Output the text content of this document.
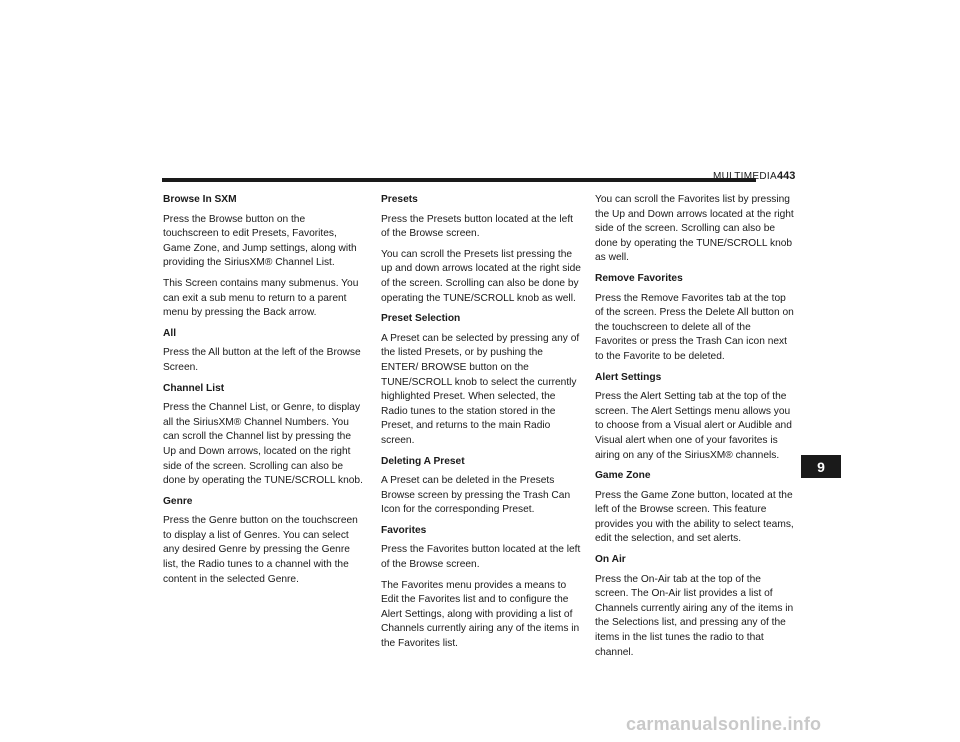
MULTIMEDIA 443
Browse In SXM

Press the Browse button on the touchscreen to edit Presets, Favorites, Game Zone, and Jump settings, along with providing the SiriusXM® Channel List.

This Screen contains many submenus. You can exit a sub menu to return to a parent menu by pressing the Back arrow.

All

Press the All button at the left of the Browse Screen.

Channel List

Press the Channel List, or Genre, to display all the SiriusXM® Channel Numbers. You can scroll the Channel list by pressing the Up and Down arrows, located on the right side of the screen. Scrolling can also be done by operating the TUNE/SCROLL knob.

Genre

Press the Genre button on the touchscreen to display a list of Genres. You can select any desired Genre by pressing the Genre list, the Radio tunes to a channel with the content in the selected Genre.

Presets

Press the Presets button located at the left of the Browse screen.

You can scroll the Presets list pressing the up and down arrows located at the right side of the screen. Scrolling can also be done by operating the TUNE/SCROLL knob as well.

Preset Selection

A Preset can be selected by pressing any of the listed Presets, or by pushing the ENTER/ BROWSE button on the TUNE/SCROLL knob to select the currently highlighted Preset. When selected, the Radio tunes to the station stored in the Preset, and returns to the main Radio screen.

Deleting A Preset

A Preset can be deleted in the Presets Browse screen by pressing the Trash Can Icon for the corresponding Preset.

Favorites

Press the Favorites button located at the left of the Browse screen.

The Favorites menu provides a means to Edit the Favorites list and to configure the Alert Settings, along with providing a list of Channels currently airing any of the items in the Favorites list.

You can scroll the Favorites list by pressing the Up and Down arrows located at the right side of the screen. Scrolling can also be done by operating the TUNE/SCROLL knob as well.

Remove Favorites

Press the Remove Favorites tab at the top of the screen. Press the Delete All button on the touchscreen to delete all of the Favorites or press the Trash Can icon next to the Favorite to be deleted.

Alert Settings

Press the Alert Setting tab at the top of the screen. The Alert Settings menu allows you to choose from a Visual alert or Audible and Visual alert when one of your favorites is airing on any of the SiriusXM® channels.

Game Zone

Press the Game Zone button, located at the left of the Browse screen. This feature provides you with the ability to select teams, edit the selection, and set alerts.

On Air

Press the On-Air tab at the top of the screen. The On-Air list provides a list of Channels currently airing any of the items in the Selections list, and pressing any of the items in the list tunes the radio to that channel.

9
carmanualsonline.info
